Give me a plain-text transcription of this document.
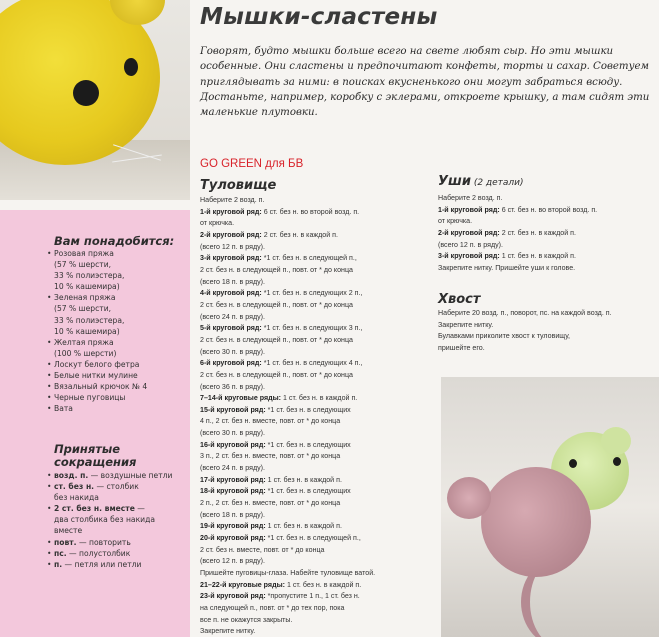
Вам понадобится:
• Розовая пряжа
(57 % шерсти,
33 % полиэстера,
10 % кашемира)
• Зеленая пряжа
(57 % шерсти,
33 % полиэстера,
10 % кашемира)
• Желтая пряжа
(100 % шерсти)
• Лоскут белого фетра
• Белые нитки мулине
• Вязальный крючок № 4
• Черные пуговицы
• Вата
Принятые
сокращения
• возд. п. — воздушные петли
• ст. без н. — столбик
без накида
• 2 ст. без н. вместе —
два столбика без накида
вместе
• повт. — повторить
• пс. — полустолбик
• п. — петля или петли
Мышки-сластены
Говорят, будто мышки больше всего на свете любят сыр. Но эти мышки особенные. Они сластены и предпочитают конфеты, торты и сахар. Советуем приглядывать за ними: в поисках вкусненького они могут забраться всюду. Достаньте, например, коробку с эклерами, откроете крышку, а там сидят эти маленькие плутовки.
GO GREEN для БВ
Туловище
Наберите 2 возд. п.
1-й круговой ряд: 6 ст. без н. во второй возд. п.
от крючка.
2-й круговой ряд: 2 ст. без н. в каждой п.
(всего 12 п. в ряду).
3-й круговой ряд: *1 ст. без н. в следующей п.,
2 ст. без н. в следующей п., повт. от * до конца
(всего 18 п. в ряду).
4-й круговой ряд: *1 ст. без н. в следующих 2 п.,
2 ст. без н. в следующей п., повт. от * до конца
(всего 24 п. в ряду).
5-й круговой ряд: *1 ст. без н. в следующих 3 п.,
2 ст. без н. в следующей п., повт. от * до конца
(всего 30 п. в ряду).
6-й круговой ряд: *1 ст. без н. в следующих 4 п.,
2 ст. без н. в следующей п., повт. от * до конца
(всего 36 п. в ряду).
7–14-й круговые ряды: 1 ст. без н. в каждой п.
15-й круговой ряд: *1 ст. без н. в следующих
4 п., 2 ст. без н. вместе, повт. от * до конца
(всего 30 п. в ряду).
16-й круговой ряд: *1 ст. без н. в следующих
3 п., 2 ст. без н. вместе, повт. от * до конца
(всего 24 п. в ряду).
17-й круговой ряд: 1 ст. без н. в каждой п.
18-й круговой ряд: *1 ст. без н. в следующих
2 п., 2 ст. без н. вместе, повт. от * до конца
(всего 18 п. в ряду).
19-й круговой ряд: 1 ст. без н. в каждой п.
20-й круговой ряд: *1 ст. без н. в следующей п.,
2 ст. без н. вместе, повт. от * до конца
(всего 12 п. в ряду).
Пришейте пуговицы-глаза. Набейте туловище ватой.
21–22-й круговые ряды: 1 ст. без н. в каждой п.
23-й круговой ряд: *пропустите 1 п., 1 ст. без н.
на следующей п., повт. от * до тех пор, пока
все п. не окажутся закрыты.
Закрепите нитку.
Уши (2 детали)
Наберите 2 возд. п.
1-й круговой ряд: 6 ст. без н. во второй возд. п.
от крючка.
2-й круговой ряд: 2 ст. без н. в каждой п.
(всего 12 п. в ряду).
3-й круговой ряд: 1 ст. без н. в каждой п.
Закрепите нитку. Пришейте уши к голове.
Хвост
Наберите 20 возд. п., поворот, пс. на каждой возд. п.
Закрепите нитку.
Булавками приколите хвост к туловищу,
пришейте его.
